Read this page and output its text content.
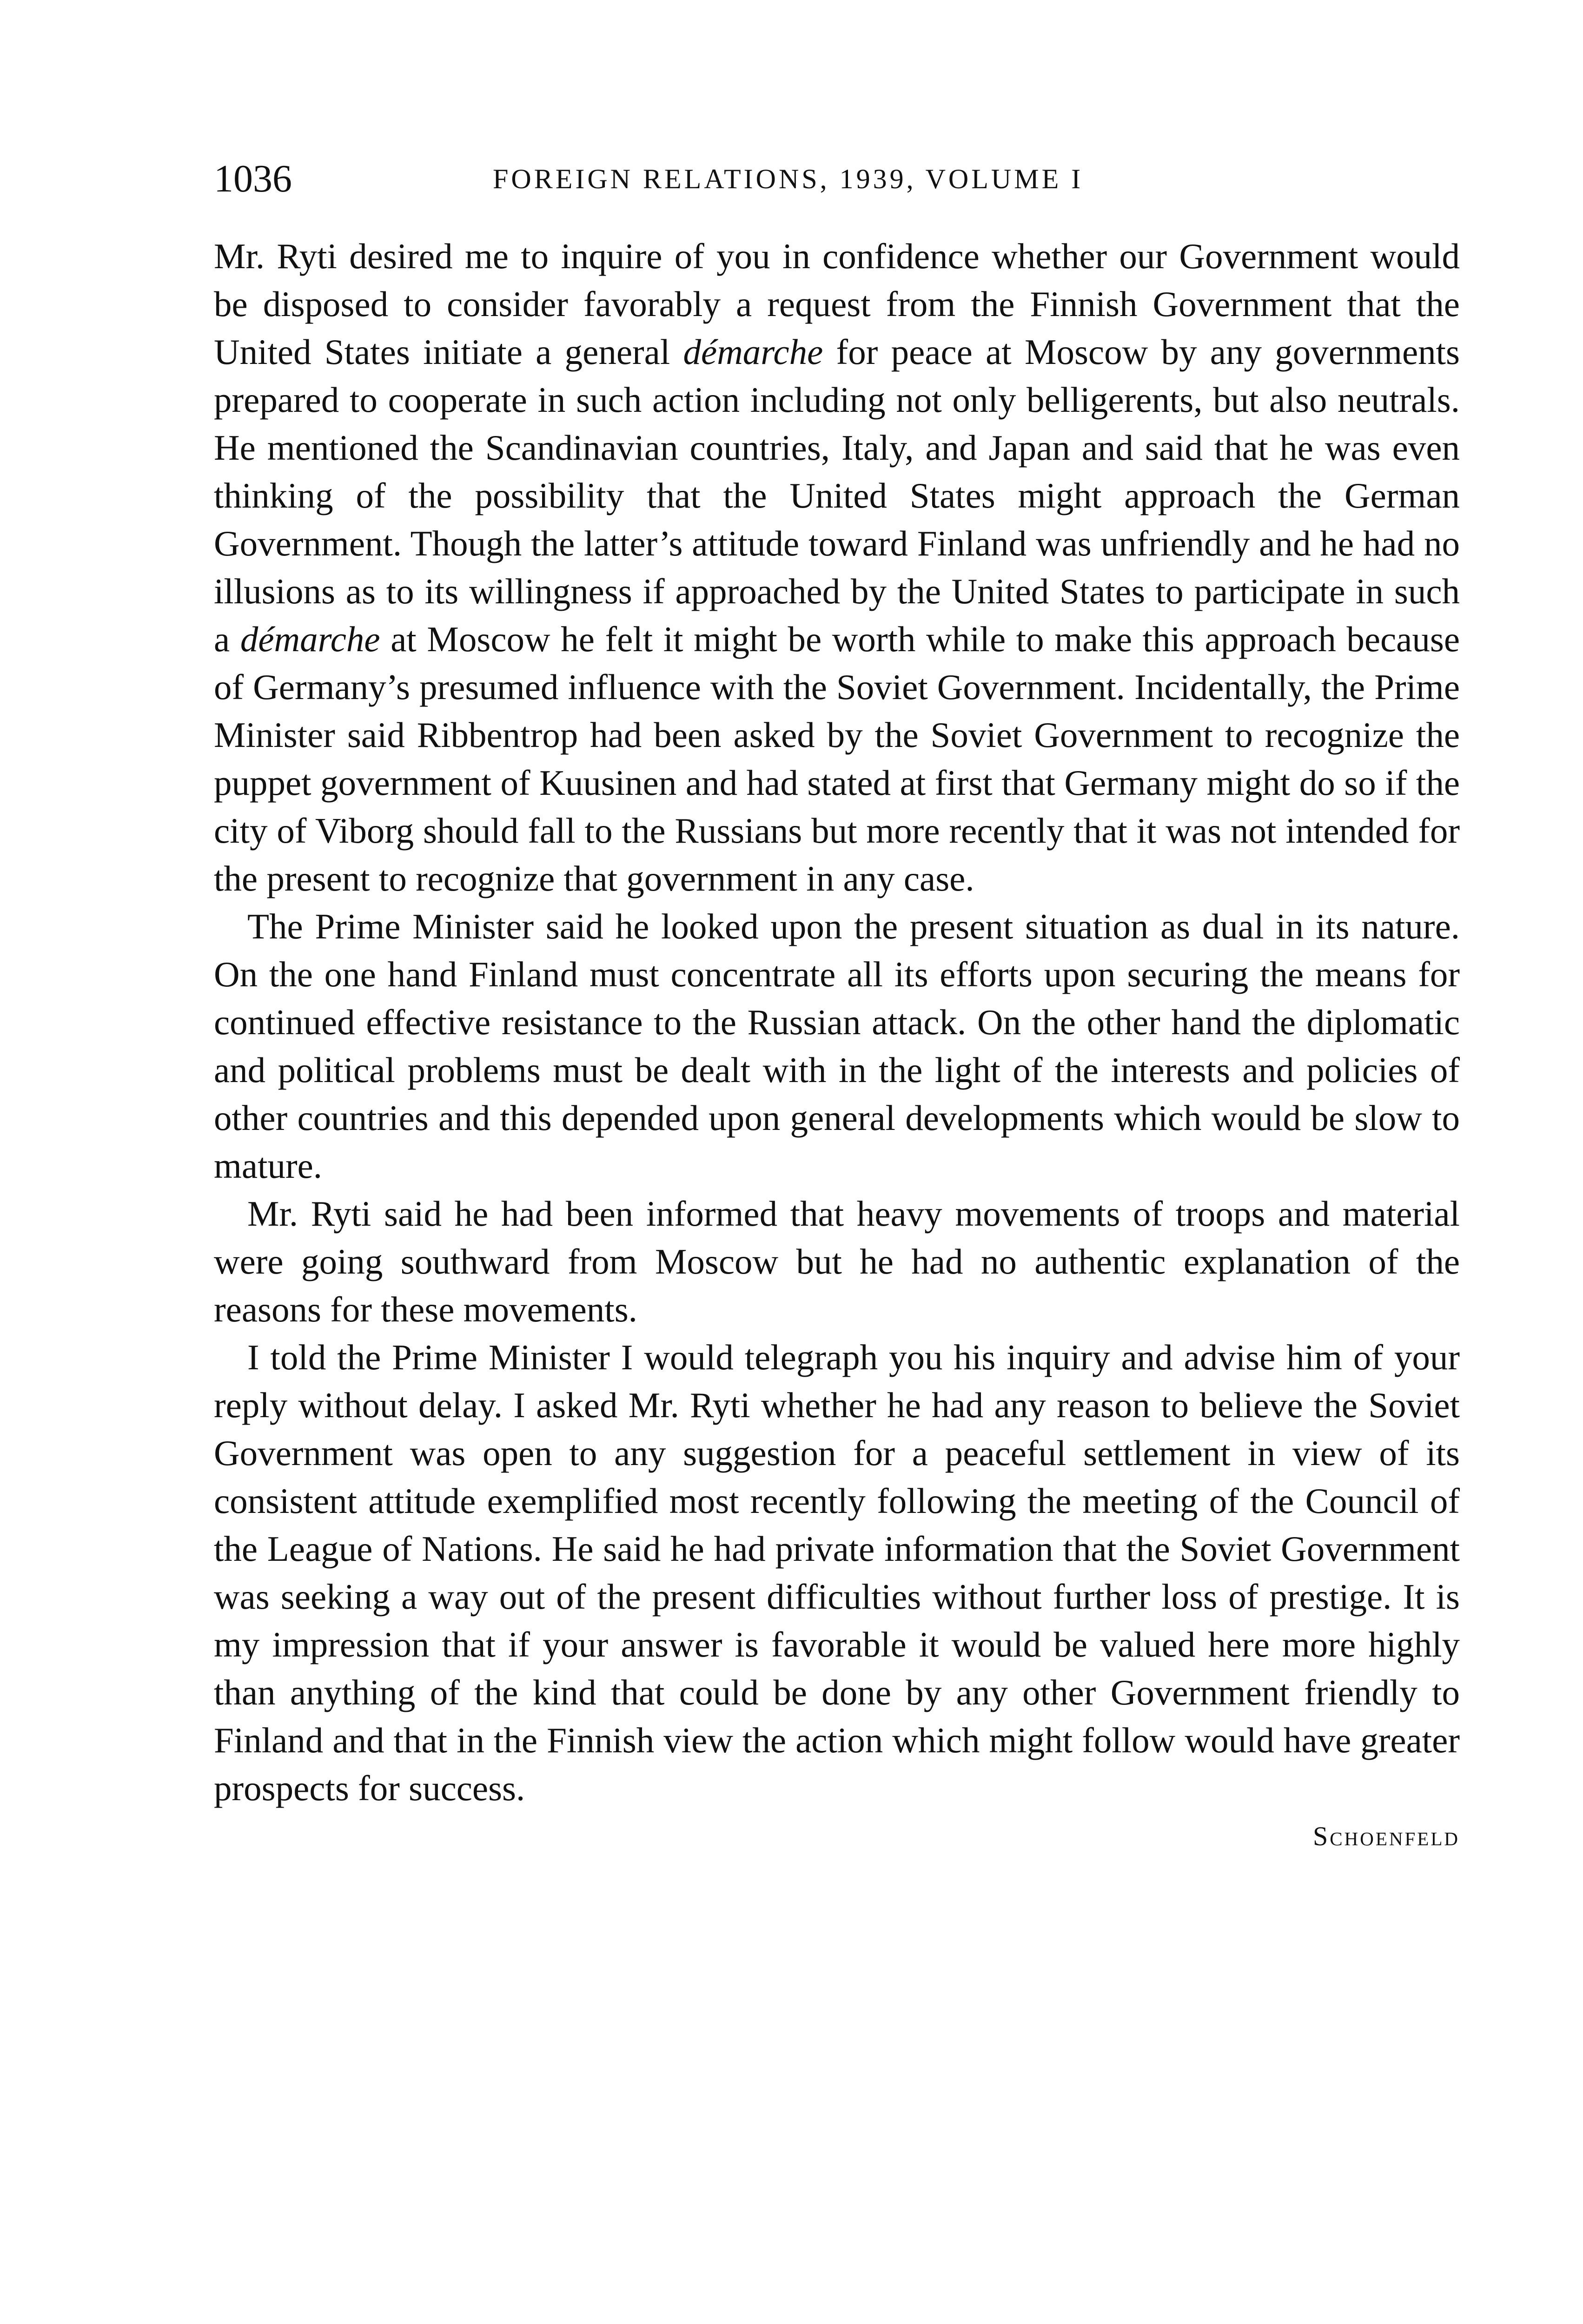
1036	FOREIGN RELATIONS, 1939, VOLUME I

Mr. Ryti desired me to inquire of you in confidence whether our Government would be disposed to consider favorably a request from the Finnish Government that the United States initiate a general démarche for peace at Moscow by any governments prepared to cooperate in such action including not only belligerents, but also neutrals. He mentioned the Scandinavian countries, Italy, and Japan and said that he was even thinking of the possibility that the United States might approach the German Government. Though the latter’s attitude toward Finland was unfriendly and he had no illusions as to its willingness if approached by the United States to participate in such a démarche at Moscow he felt it might be worth while to make this approach because of Germany’s presumed influence with the Soviet Government. Incidentally, the Prime Minister said Ribbentrop had been asked by the Soviet Government to recognize the puppet government of Kuusinen and had stated at first that Germany might do so if the city of Viborg should fall to the Russians but more recently that it was not intended for the present to recognize that government in any case.

The Prime Minister said he looked upon the present situation as dual in its nature. On the one hand Finland must concentrate all its efforts upon securing the means for continued effective resistance to the Russian attack. On the other hand the diplomatic and political problems must be dealt with in the light of the interests and policies of other countries and this depended upon general developments which would be slow to mature.

Mr. Ryti said he had been informed that heavy movements of troops and material were going southward from Moscow but he had no authentic explanation of the reasons for these movements.

I told the Prime Minister I would telegraph you his inquiry and advise him of your reply without delay. I asked Mr. Ryti whether he had any reason to believe the Soviet Government was open to any suggestion for a peaceful settlement in view of its consistent attitude exemplified most recently following the meeting of the Council of the League of Nations. He said he had private information that the Soviet Government was seeking a way out of the present difficulties without further loss of prestige. It is my impression that if your answer is favorable it would be valued here more highly than anything of the kind that could be done by any other Government friendly to Finland and that in the Finnish view the action which might follow would have greater prospects for success.

Schoenfeld
